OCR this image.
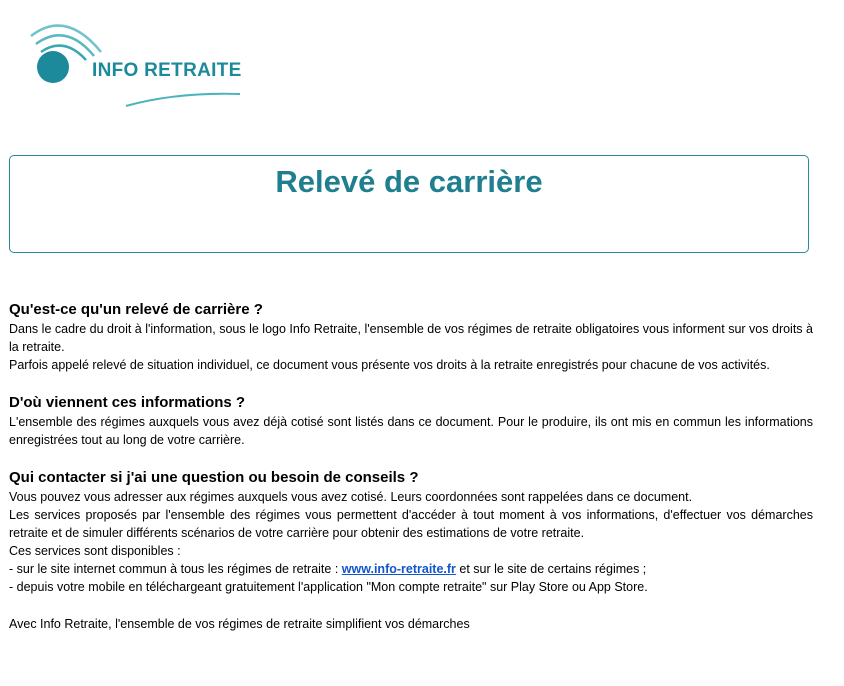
INFO RETRAITE
Relevé de carrière
Qu'est-ce qu'un relevé de carrière ?

Dans le cadre du droit à l'information, sous le logo Info Retraite, l'ensemble de vos régimes de retraite obligatoires vous informent sur vos droits à la retraite.

Parfois appelé relevé de situation individuel, ce document vous présente vos droits à la retraite enregistrés pour chacune de vos activités.

D'où viennent ces informations ?

L'ensemble des régimes auxquels vous avez déjà cotisé sont listés dans ce document. Pour le produire, ils ont mis en commun les informations enregistrées tout au long de votre carrière.

Qui contacter si j'ai une question ou besoin de conseils ?

Vous pouvez vous adresser aux régimes auxquels vous avez cotisé. Leurs coordonnées sont rappelées dans ce document.

Les services proposés par l'ensemble des régimes vous permettent d'accéder à tout moment à vos informations, d'effectuer vos démarches retraite et de simuler différents scénarios de votre carrière pour obtenir des estimations de votre retraite.

Ces services sont disponibles :

- sur le site internet commun à tous les régimes de retraite : www.info-retraite.fr et sur le site de certains régimes ;

- depuis votre mobile en téléchargeant gratuitement l'application "Mon compte retraite" sur Play Store ou App Store.

Avec Info Retraite, l'ensemble de vos régimes de retraite simplifient vos démarches
